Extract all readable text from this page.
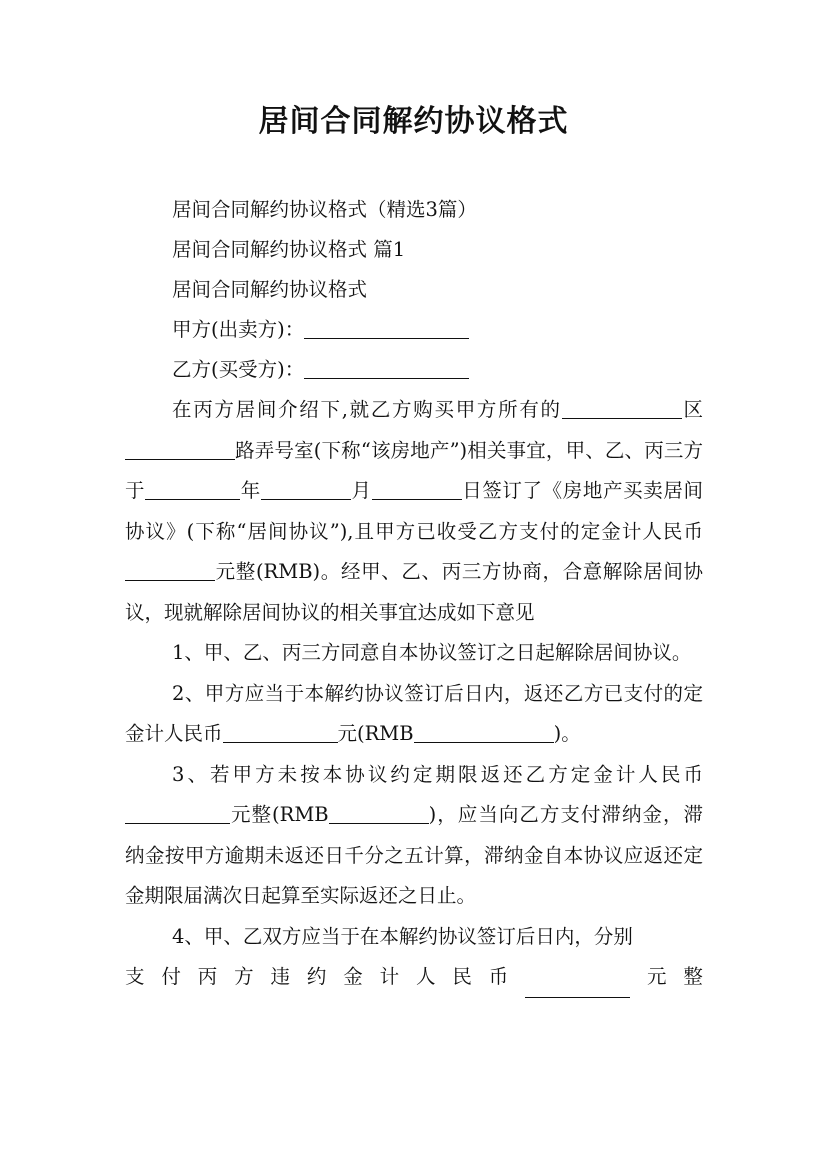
居间合同解约协议格式

居间合同解约协议格式（精选3篇）

居间合同解约协议格式 篇1

居间合同解约协议格式

甲方(出卖方)：

乙方(买受方)：

在丙方居间介绍下,就乙方购买甲方所有的	区路弄号室(下称“该房地产”)相关事宜，甲、乙、丙三方于	年	月	日签订了《房地产买卖居间协议》(下称“居间协议”),且甲方已收受乙方支付的定金计人民币元整(RMB)。经甲、乙、丙三方协商，合意解除居间协议，现就解除居间协议的相关事宜达成如下意见

1、甲、乙、丙三方同意自本协议签订之日起解除居间协议。

2、甲方应当于本解约协议签订后日内，返还乙方已支付的定金计人民币	元(RMB	)。

3、若甲方未按本协议约定期限返还乙方定金计人民币元整(RMB	)，应当向乙方支付滞纳金，滞纳金按甲方逾期未返还日千分之五计算，滞纳金自本协议应返还定金期限届满次日起算至实际返还之日止。

4、甲、乙双方应当于在本解约协议签订后日内，分别

支 付 丙 方 违 约 金 计 人 民 币	元 整
